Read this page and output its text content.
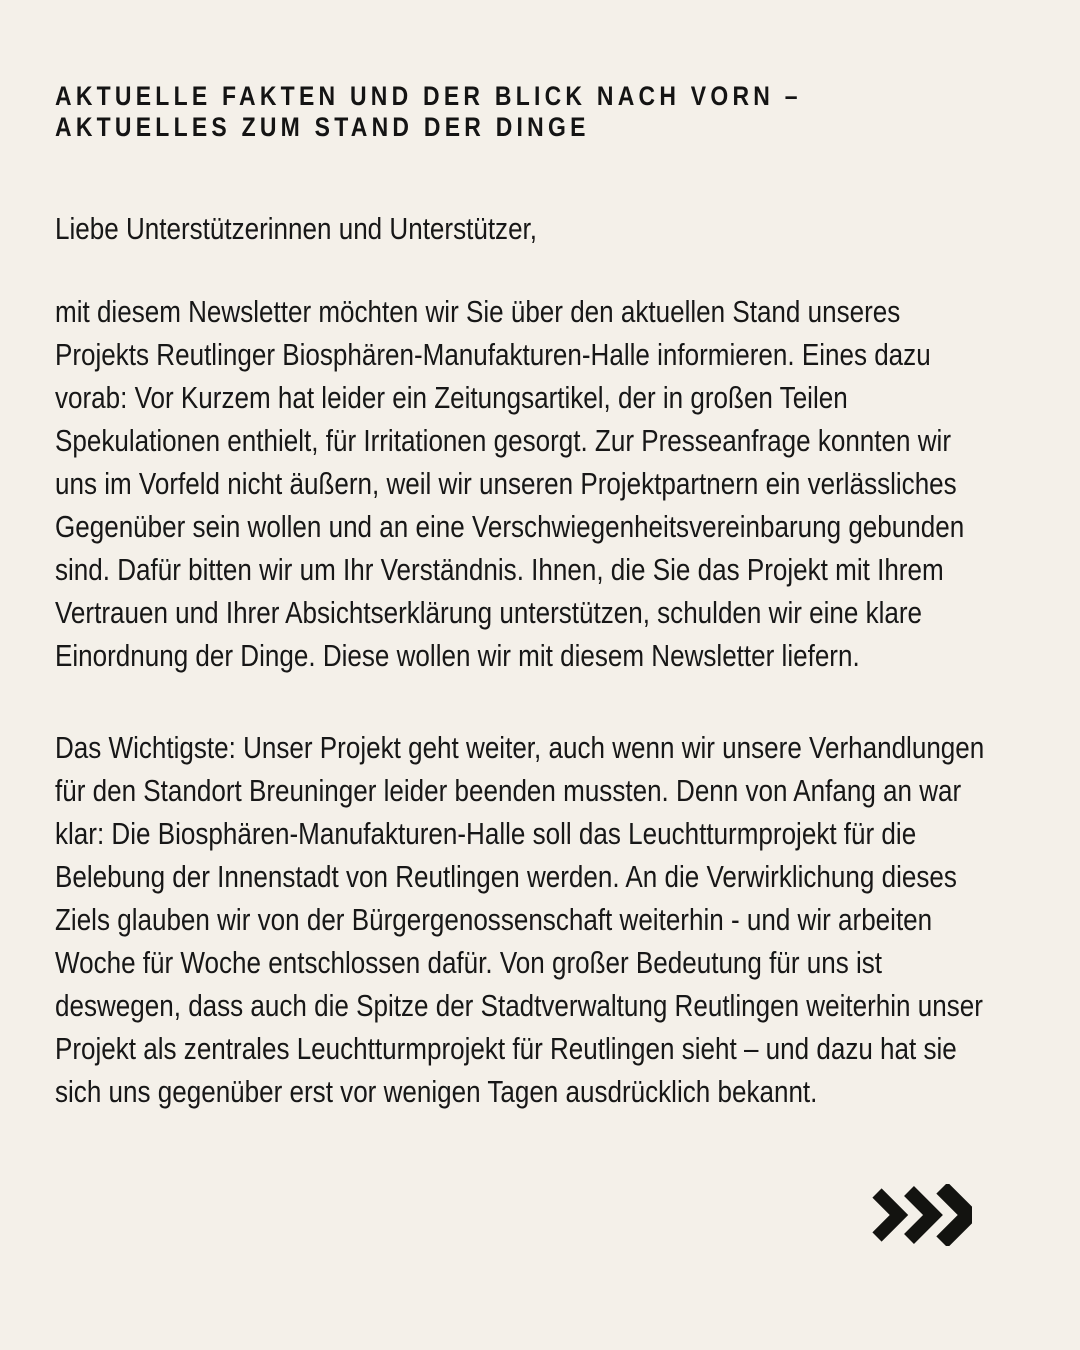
AKTUELLE FAKTEN UND DER BLICK NACH VORN –
AKTUELLES ZUM STAND DER DINGE
Liebe Unterstützerinnen und Unterstützer,
mit diesem Newsletter möchten wir Sie über den aktuellen Stand unseres
Projekts Reutlinger Biosphären-Manufakturen-Halle informieren. Eines dazu
vorab: Vor Kurzem hat leider ein Zeitungsartikel, der in großen Teilen
Spekulationen enthielt, für Irritationen gesorgt. Zur Presseanfrage konnten wir
uns im Vorfeld nicht äußern, weil wir unseren Projektpartnern ein verlässliches
Gegenüber sein wollen und an eine Verschwiegenheitsvereinbarung gebunden
sind. Dafür bitten wir um Ihr Verständnis. Ihnen, die Sie das Projekt mit Ihrem
Vertrauen und Ihrer Absichtserklärung unterstützen, schulden wir eine klare
Einordnung der Dinge. Diese wollen wir mit diesem Newsletter liefern.
Das Wichtigste: Unser Projekt geht weiter, auch wenn wir unsere Verhandlungen
für den Standort Breuninger leider beenden mussten. Denn von Anfang an war
klar: Die Biosphären-Manufakturen-Halle soll das Leuchtturmprojekt für die
Belebung der Innenstadt von Reutlingen werden. An die Verwirklichung dieses
Ziels glauben wir von der Bürgergenossenschaft weiterhin - und wir arbeiten
Woche für Woche entschlossen dafür. Von großer Bedeutung für uns ist
deswegen, dass auch die Spitze der Stadtverwaltung Reutlingen weiterhin unser
Projekt als zentrales Leuchtturmprojekt für Reutlingen sieht – und dazu hat sie
sich uns gegenüber erst vor wenigen Tagen ausdrücklich bekannt.
